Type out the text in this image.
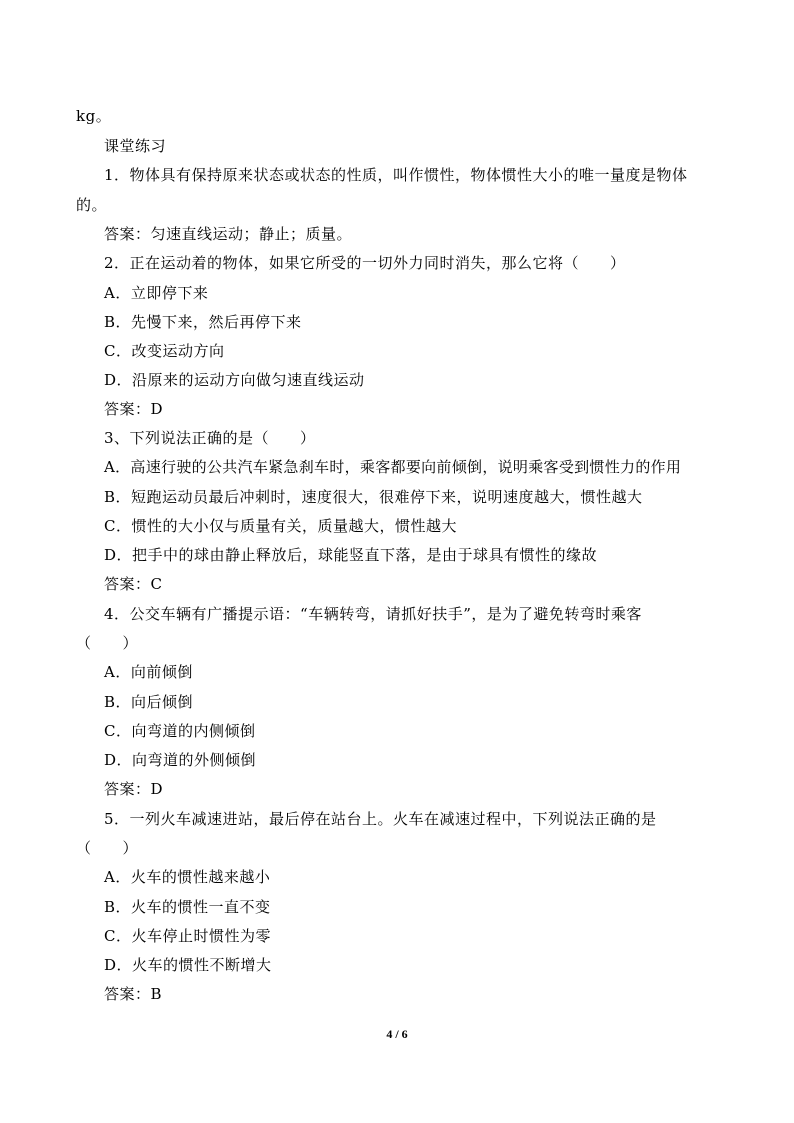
kg。
课堂练习
1．物体具有保持原来状态或状态的性质，叫作惯性，物体惯性大小的唯一量度是物体
的。
答案：匀速直线运动；静止；质量。
2．正在运动着的物体，如果它所受的一切外力同时消失，那么它将（　　）
A．立即停下来
B．先慢下来，然后再停下来
C．改变运动方向
D．沿原来的运动方向做匀速直线运动
答案：D
3、下列说法正确的是（　　）
A．高速行驶的公共汽车紧急刹车时，乘客都要向前倾倒，说明乘客受到惯性力的作用
B．短跑运动员最后冲刺时，速度很大，很难停下来，说明速度越大，惯性越大
C．惯性的大小仅与质量有关，质量越大，惯性越大
D．把手中的球由静止释放后，球能竖直下落，是由于球具有惯性的缘故
答案：C
4．公交车辆有广播提示语：“车辆转弯，请抓好扶手”，是为了避免转弯时乘客
（　　）
A．向前倾倒
B．向后倾倒
C．向弯道的内侧倾倒
D．向弯道的外侧倾倒
答案：D
5．一列火车减速进站，最后停在站台上。火车在减速过程中，下列说法正确的是
（　　）
A．火车的惯性越来越小
B．火车的惯性一直不变
C．火车停止时惯性为零
D．火车的惯性不断增大
答案：B
4 / 6
